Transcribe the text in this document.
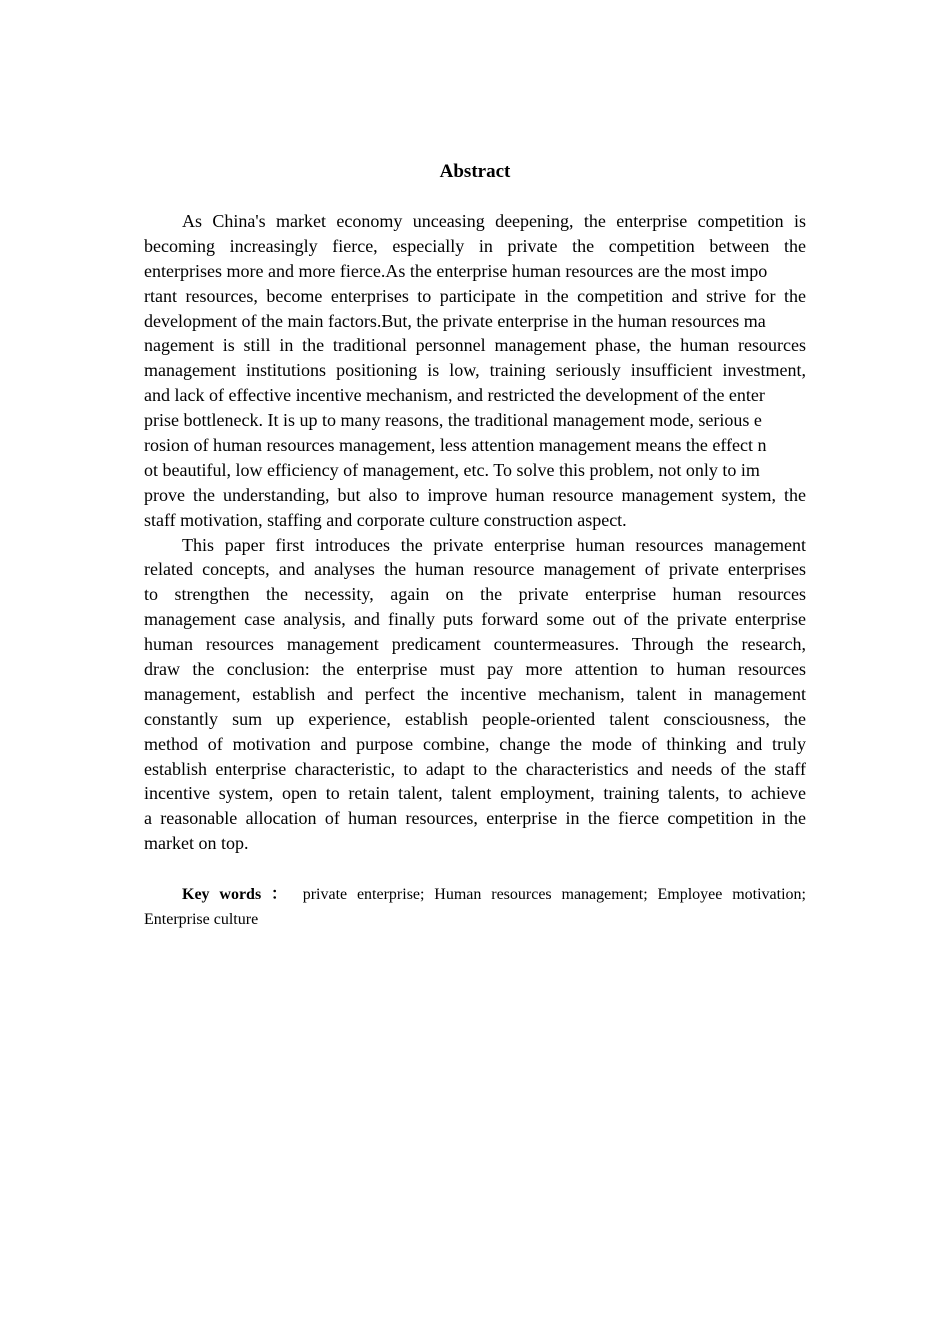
Abstract
As China's market economy unceasing deepening, the enterprise competition is
becoming increasingly fierce, especially in private the competition between the
enterprises more and more fierce.As the enterprise human resources are the most impo
rtant resources, become enterprises to participate in the competition and strive for the
development of the main factors.But, the private enterprise in the human resources ma
nagement is still in the traditional personnel management phase, the human resources
management institutions positioning is low, training seriously insufficient investment,
and lack of effective incentive mechanism, and restricted the development of the enter
prise bottleneck. It is up to many reasons, the traditional management mode, serious e
rosion of human resources management, less attention management means the effect n
ot beautiful, low efficiency of management, etc. To solve this problem, not only to im
prove the understanding, but also to improve human resource management system, the
staff motivation, staffing and corporate culture construction aspect.
This paper first introduces the private enterprise human resources management
related concepts, and analyses the human resource management of private enterprises
to strengthen the necessity, again on the private enterprise human resources
management case analysis, and finally puts forward some out of the private enterprise
human resources management predicament countermeasures. Through the research,
draw the conclusion: the enterprise must pay more attention to human resources
management, establish and perfect the incentive mechanism, talent in management
constantly sum up experience, establish people-oriented talent consciousness, the
method of motivation and purpose combine, change the mode of thinking and truly
establish enterprise characteristic, to adapt to the characteristics and needs of the staff
incentive system, open to retain talent, talent employment, training talents, to achieve
a reasonable allocation of human resources, enterprise in the fierce competition in the
market on top.
Key words ： private enterprise; Human resources management; Employee motivation;
Enterprise culture
